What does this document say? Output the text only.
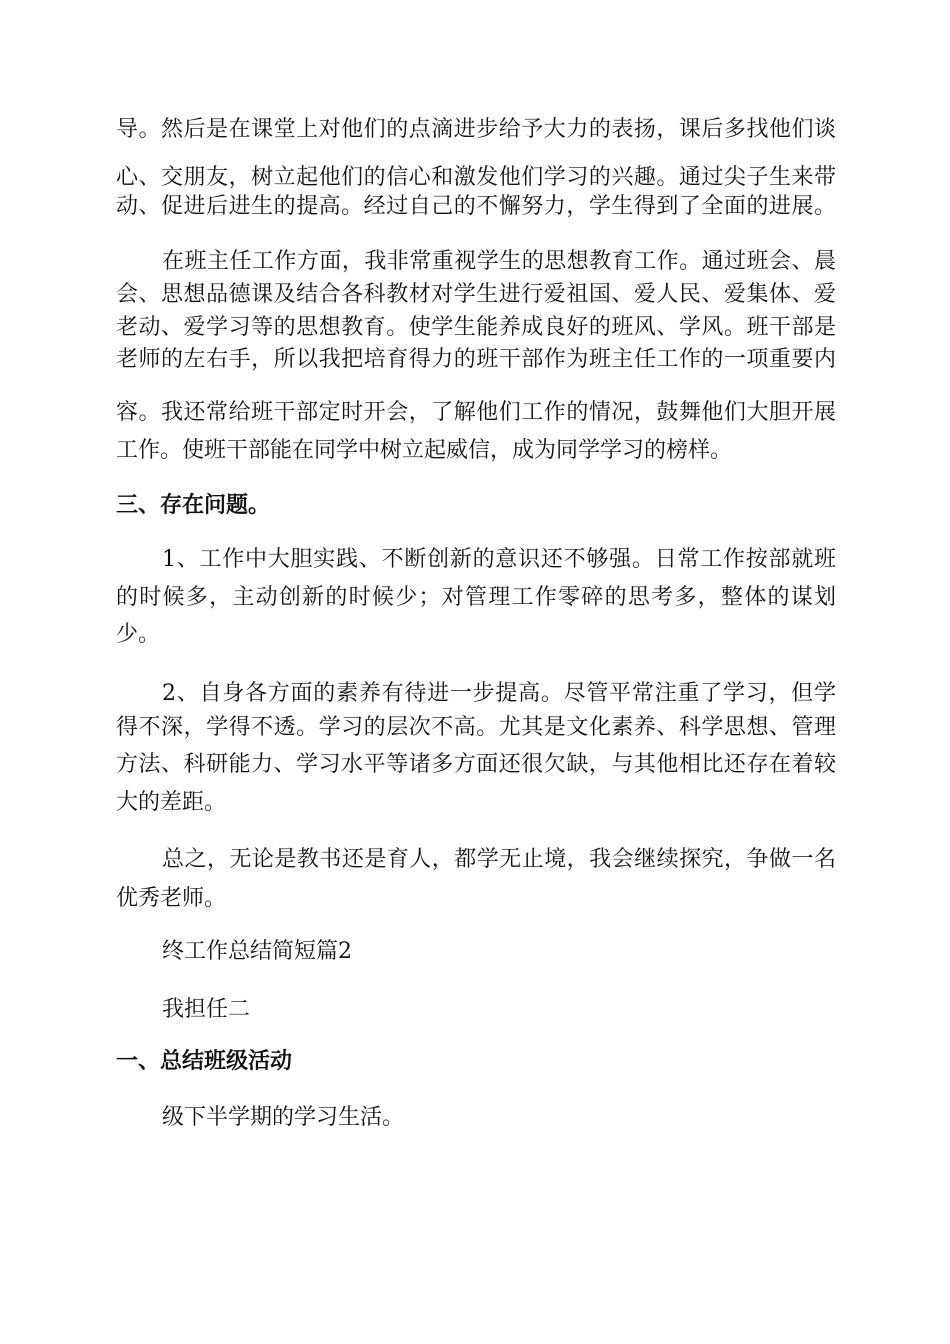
导。然后是在课堂上对他们的点滴进步给予大力的表扬，课后多找他们谈
心、交朋友，树立起他们的信心和激发他们学习的兴趣。通过尖子生来带
动、促进后进生的提高。经过自己的不懈努力，学生得到了全面的进展。
在班主任工作方面，我非常重视学生的思想教育工作。通过班会、晨
会、思想品德课及结合各科教材对学生进行爱祖国、爱人民、爱集体、爱
老动、爱学习等的思想教育。使学生能养成良好的班风、学风。班干部是
老师的左右手，所以我把培育得力的班干部作为班主任工作的一项重要内
容。我还常给班干部定时开会，了解他们工作的情况，鼓舞他们大胆开展
工作。使班干部能在同学中树立起威信，成为同学学习的榜样。
三、存在问题。
1、工作中大胆实践、不断创新的意识还不够强。日常工作按部就班
的时候多，主动创新的时候少；对管理工作零碎的思考多，整体的谋划
少。
2、自身各方面的素养有待进一步提高。尽管平常注重了学习，但学
得不深，学得不透。学习的层次不高。尤其是文化素养、科学思想、管理
方法、科研能力、学习水平等诸多方面还很欠缺，与其他相比还存在着较
大的差距。
总之，无论是教书还是育人，都学无止境，我会继续探究，争做一名
优秀老师。
终工作总结简短篇2
我担任二
一、总结班级活动
级下半学期的学习生活。
